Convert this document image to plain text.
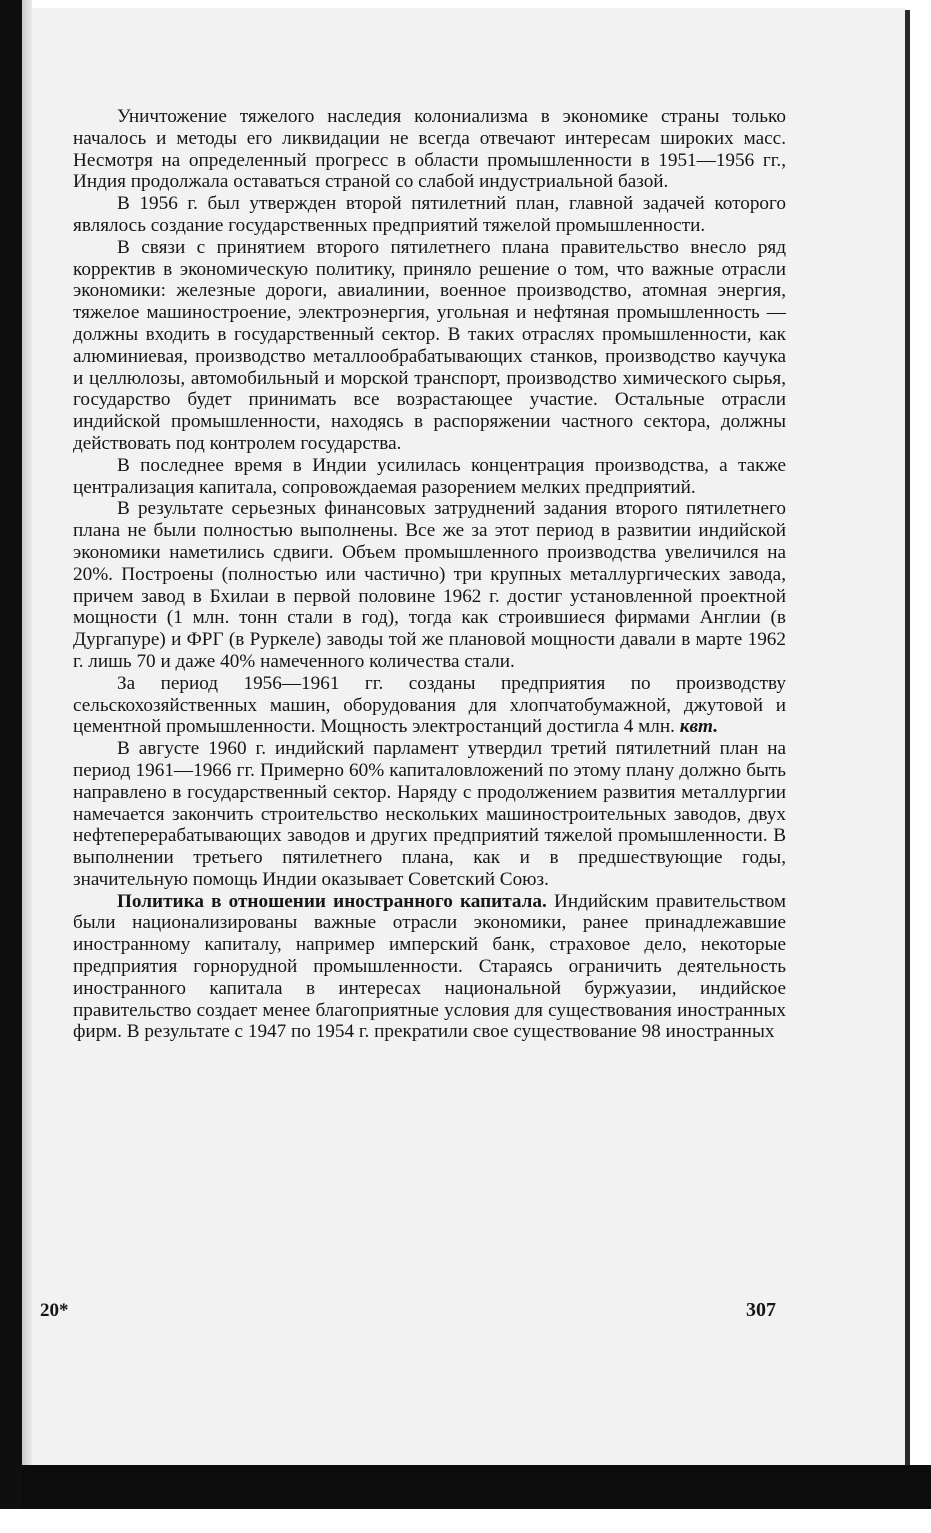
Уничтожение тяжелого наследия колониализма в экономике страны только началось и методы его ликвидации не всегда отвечают интересам широких масс. Несмотря на определенный прогресс в области промышленности в 1951—1956 гг., Индия продолжала оставаться страной со слабой индустриальной базой.

В 1956 г. был утвержден второй пятилетний план, главной задачей которого являлось создание государственных предприятий тяжелой промышленности.

В связи с принятием второго пятилетнего плана правительство внесло ряд корректив в экономическую политику, приняло решение о том, что важные отрасли экономики: железные дороги, авиалинии, военное производство, атомная энергия, тяжелое машиностроение, электроэнергия, угольная и нефтяная промышленность — должны входить в государственный сектор. В таких отраслях промышленности, как алюминиевая, производство металлообрабатывающих станков, производство каучука и целлюлозы, автомобильный и морской транспорт, производство химического сырья, государство будет принимать все возрастающее участие. Остальные отрасли индийской промышленности, находясь в распоряжении частного сектора, должны действовать под контролем государства.

В последнее время в Индии усилилась концентрация производства, а также централизация капитала, сопровождаемая разорением мелких предприятий.

В результате серьезных финансовых затруднений задания второго пятилетнего плана не были полностью выполнены. Все же за этот период в развитии индийской экономики наметились сдвиги. Объем промышленного производства увеличился на 20%. Построены (полностью или частично) три крупных металлургических завода, причем завод в Бхилаи в первой половине 1962 г. достиг установленной проектной мощности (1 млн. тонн стали в год), тогда как строившиеся фирмами Англии (в Дургапуре) и ФРГ (в Руркеле) заводы той же плановой мощности давали в марте 1962 г. лишь 70 и даже 40% намеченного количества стали.

За период 1956—1961 гг. созданы предприятия по производству сельскохозяйственных машин, оборудования для хлопчатобумажной, джутовой и цементной промышленности. Мощность электростанций достигла 4 млн. квт.

В августе 1960 г. индийский парламент утвердил третий пятилетний план на период 1961—1966 гг. Примерно 60% капиталовложений по этому плану должно быть направлено в государственный сектор. Наряду с продолжением развития металлургии намечается закончить строительство нескольких машиностроительных заводов, двух нефтеперерабатывающих заводов и других предприятий тяжелой промышленности. В выполнении третьего пятилетнего плана, как и в предшествующие годы, значительную помощь Индии оказывает Советский Союз.

Политика в отношении иностранного капитала. Индийским правительством были национализированы важные отрасли экономики, ранее принадлежавшие иностранному капиталу, например имперский банк, страховое дело, некоторые предприятия горнорудной промышленности. Стараясь ограничить деятельность иностранного капитала в интересах национальной буржуазии, индийское правительство создает менее благоприятные условия для существования иностранных фирм. В результате с 1947 по 1954 г. прекратили свое существование 98 иностранных

20*	307
